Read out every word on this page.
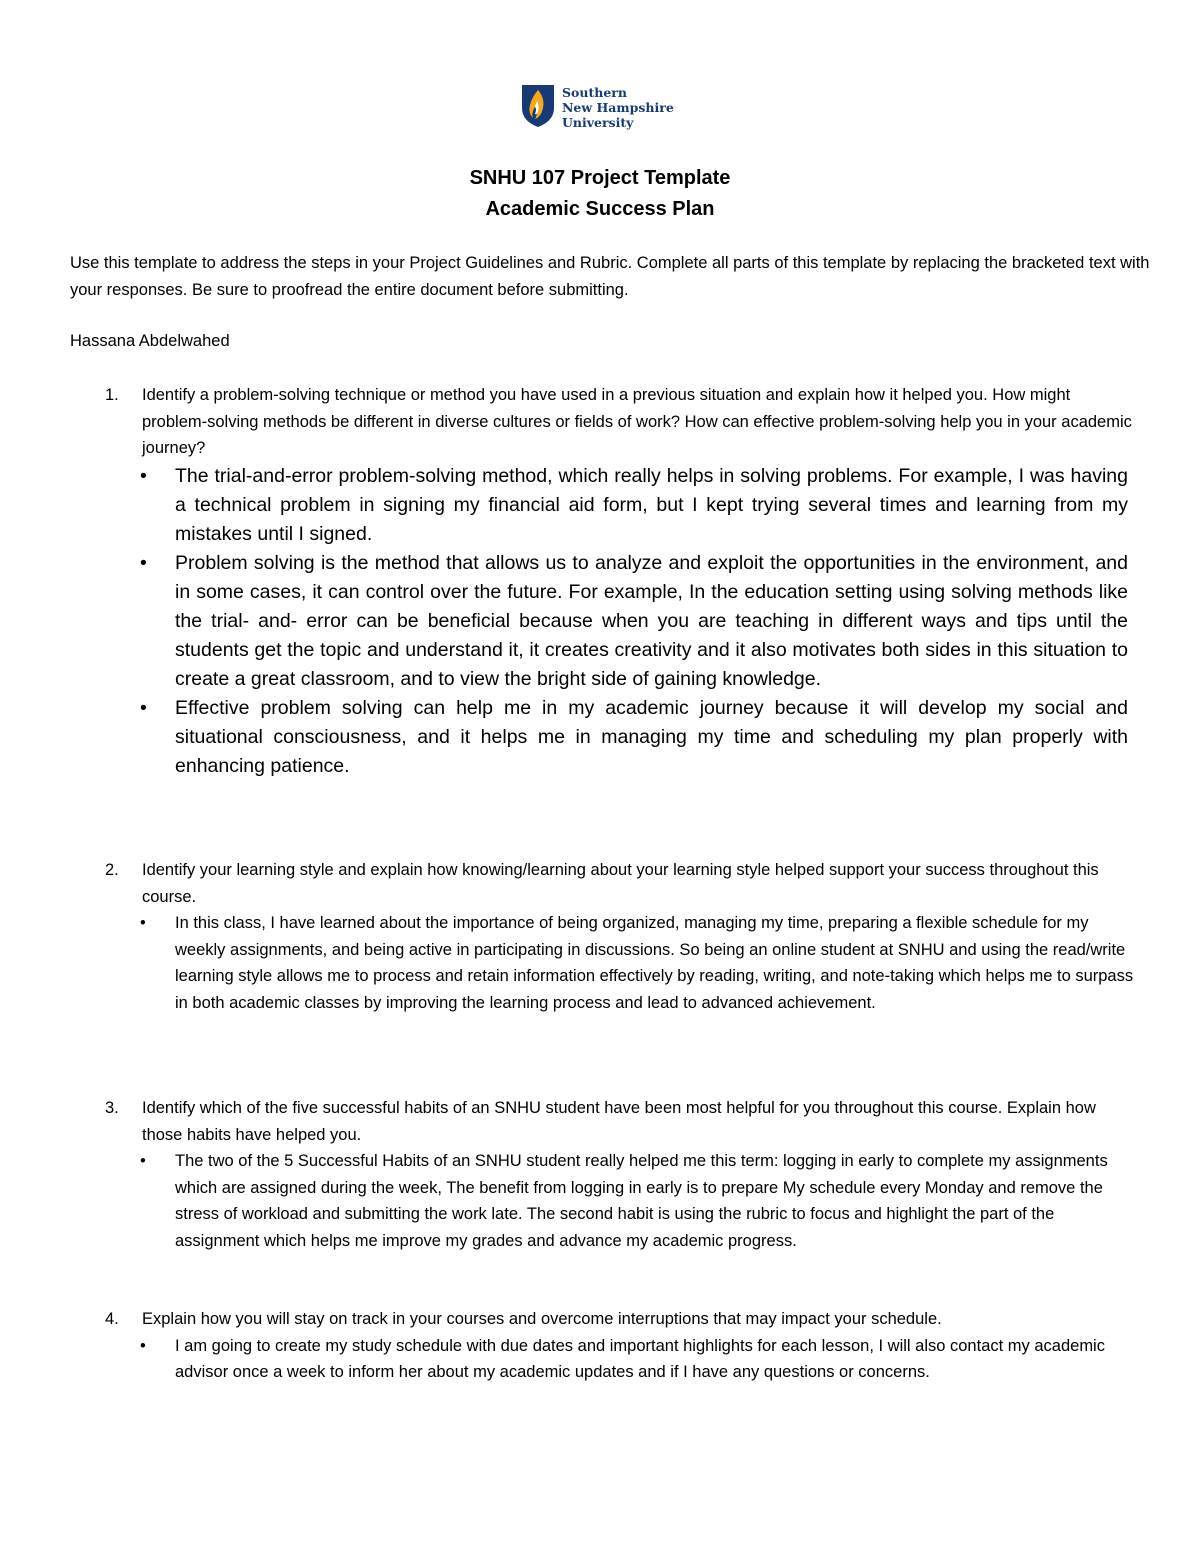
Southern
New Hampshire
University
SNHU 107 Project Template
Academic Success Plan

Use this template to address the steps in your Project Guidelines and Rubric. Complete all parts of this template by replacing the bracketed text with your responses. Be sure to proofread the entire document before submitting.

Hassana Abdelwahed
1. Identify a problem-solving technique or method you have used in a previous situation and explain how it helped you. How might problem-solving methods be different in diverse cultures or fields of work? How can effective problem-solving help you in your academic journey?
• The trial-and-error problem-solving method, which really helps in solving problems. For example, I was having a technical problem in signing my financial aid form, but I kept trying several times and learning from my mistakes until I signed.
• Problem solving is the method that allows us to analyze and exploit the opportunities in the environment, and in some cases, it can control over the future. For example, In the education setting using solving methods like the trial- and- error can be beneficial because when you are teaching in different ways and tips until the students get the topic and understand it, it creates creativity and it also motivates both sides in this situation to create a great classroom, and to view the bright side of gaining knowledge.
• Effective problem solving can help me in my academic journey because it will develop my social and situational consciousness, and it helps me in managing my time and scheduling my plan properly with enhancing patience.
2. Identify your learning style and explain how knowing/learning about your learning style helped support your success throughout this course.
• In this class, I have learned about the importance of being organized, managing my time, preparing a flexible schedule for my weekly assignments, and being active in participating in discussions. So being an online student at SNHU and using the read/write learning style allows me to process and retain information effectively by reading, writing, and note-taking which helps me to surpass in both academic classes by improving the learning process and lead to advanced achievement.
3. Identify which of the five successful habits of an SNHU student have been most helpful for you throughout this course. Explain how those habits have helped you.
• The two of the 5 Successful Habits of an SNHU student really helped me this term: logging in early to complete my assignments which are assigned during the week, The benefit from logging in early is to prepare My schedule every Monday and remove the stress of workload and submitting the work late. The second habit is using the rubric to focus and highlight the part of the assignment which helps me improve my grades and advance my academic progress.
4. Explain how you will stay on track in your courses and overcome interruptions that may impact your schedule.
• I am going to create my study schedule with due dates and important highlights for each lesson, I will also contact my academic advisor once a week to inform her about my academic updates and if I have any questions or concerns.
